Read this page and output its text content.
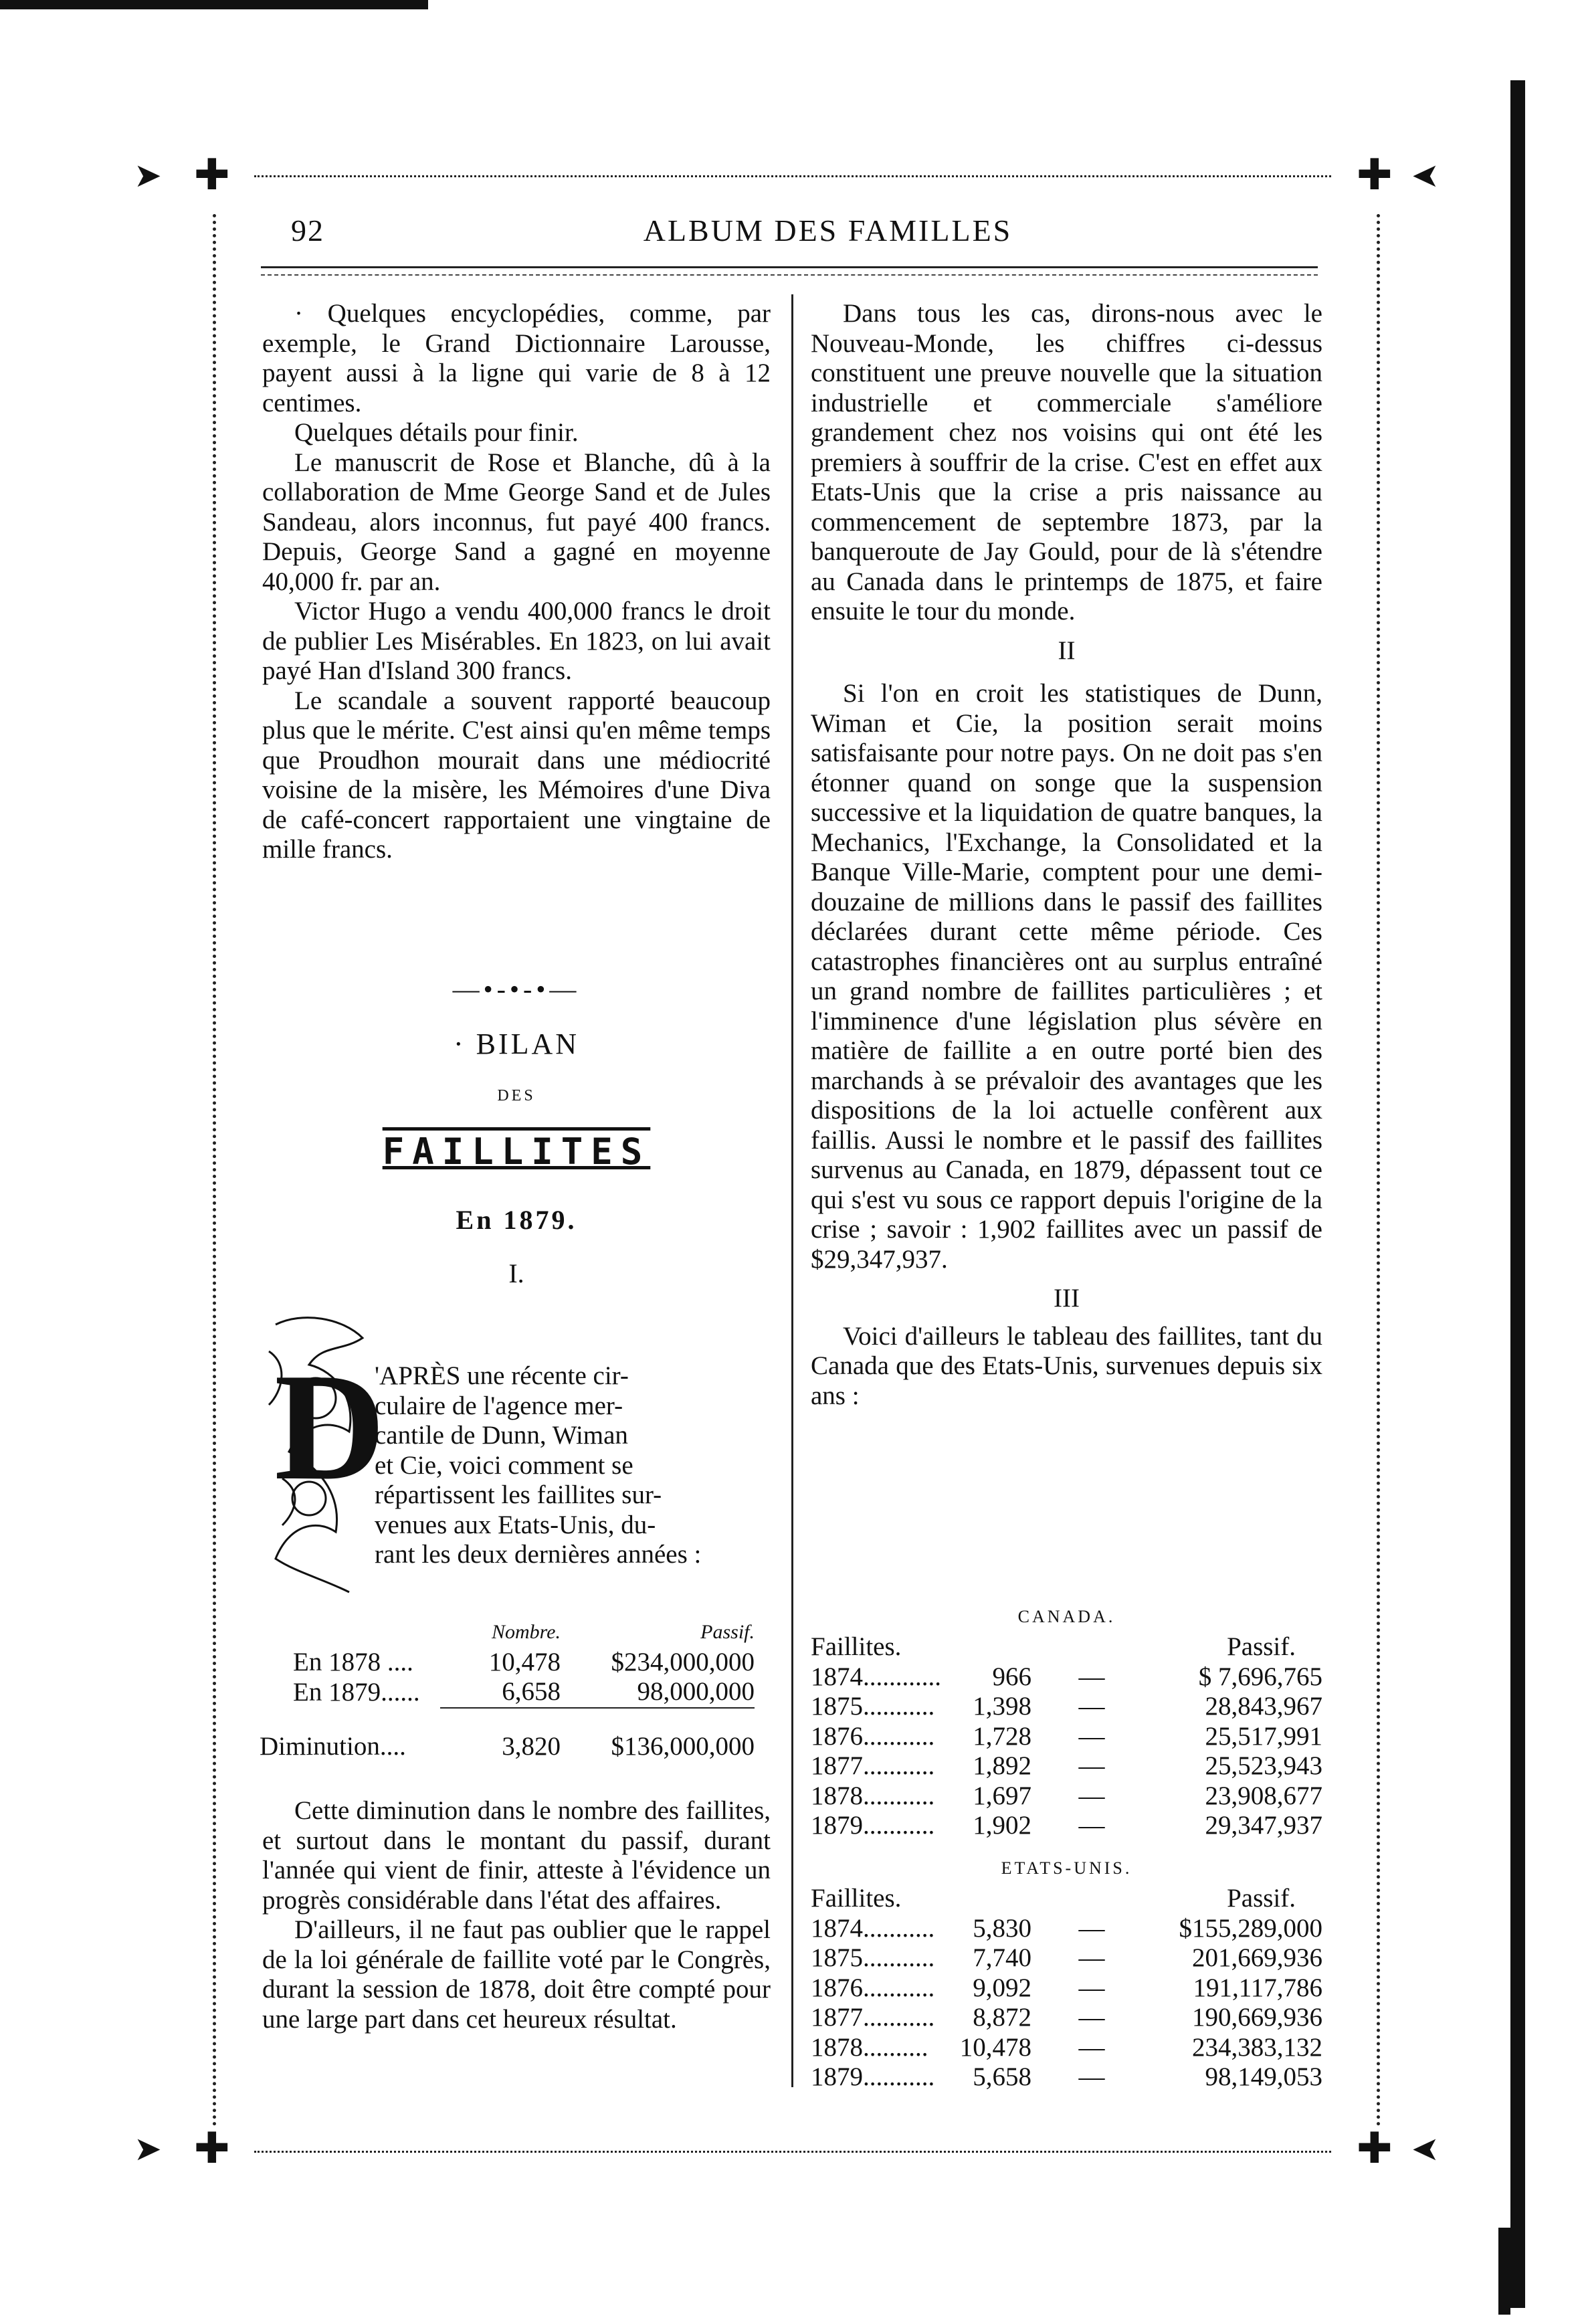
✚	✚
✚	✚
➤	➤
➤	➤
92	ALBUM DES FAMILLES

· Quelques encyclopédies, comme, par exemple, le Grand Dictionnaire Larousse, payent aussi à la ligne qui varie de 8 à 12 centimes.

Quelques détails pour finir.

Le manuscrit de Rose et Blanche, dû à la collaboration de Mme George Sand et de Jules Sandeau, alors inconnus, fut payé 400 francs. Depuis, George Sand a gagné en moyenne 40,000 fr. par an.

Victor Hugo a vendu 400,000 francs le droit de publier Les Misérables. En 1823, on lui avait payé Han d'Island 300 francs.

Le scandale a souvent rapporté beaucoup plus que le mérite. C'est ainsi qu'en même temps que Proudhon mourait dans une médiocrité voisine de la misère, les Mémoires d'une Diva de café-concert rapportaient une vingtaine de mille francs.

—•-•-•—
· BILAN
DES
FAILLITES
En 1879.
I.
D
'APRÈS une récente cir-
culaire de l'agence mer-
cantile de Dunn, Wiman
et Cie, voici comment se
répartissent les faillites sur-
venues aux Etats-Unis, du-
rant les deux dernières années :
	Nombre.	Passif.
En 1878 ....	10,478	$234,000,000
En 1879......	6,658	98,000,000

Diminution....	3,820	$136,000,000

Cette diminution dans le nombre des faillites, et surtout dans le montant du passif, durant l'année qui vient de finir, atteste à l'évidence un progrès considérable dans l'état des affaires.

D'ailleurs, il ne faut pas oublier que le rappel de la loi générale de faillite voté par le Congrès, durant la session de 1878, doit être compté pour une large part dans cet heureux résultat.

Dans tous les cas, dirons-nous avec le Nouveau-Monde, les chiffres ci-dessus constituent une preuve nouvelle que la situation industrielle et commerciale s'améliore grandement chez nos voisins qui ont été les premiers à souffrir de la crise. C'est en effet aux Etats-Unis que la crise a pris naissance au commencement de septembre 1873, par la banqueroute de Jay Gould, pour de là s'étendre au Canada dans le printemps de 1875, et faire ensuite le tour du monde.

II

Si l'on en croit les statistiques de Dunn, Wiman et Cie, la position serait moins satisfaisante pour notre pays. On ne doit pas s'en étonner quand on songe que la suspension successive et la liquidation de quatre banques, la Mechanics, l'Exchange, la Consolidated et la Banque Ville-Marie, comptent pour une demi-douzaine de millions dans le passif des faillites déclarées durant cette même période. Ces catastrophes financières ont au surplus entraîné un grand nombre de faillites particulières ; et l'imminence d'une législation plus sévère en matière de faillite a en outre porté bien des marchands à se prévaloir des avantages que les dispositions de la loi actuelle confèrent aux faillis. Aussi le nombre et le passif des faillites survenus au Canada, en 1879, dépassent tout ce qui s'est vu sous ce rapport depuis l'origine de la crise ; savoir : 1,902 faillites avec un passif de $29,347,937.

III

Voici d'ailleurs le tableau des faillites, tant du Canada que des Etats-Unis, survenues depuis six ans :

CANADA.
Faillites.			Passif.
1874............	966	—	$ 7,696,765
1875...........	1,398	—	28,843,967
1876...........	1,728	—	25,517,991
1877...........	1,892	—	25,523,943
1878...........	1,697	—	23,908,677
1879...........	1,902	—	29,347,937
ETATS-UNIS.
Faillites.			Passif.
1874...........	5,830	—	$155,289,000
1875...........	7,740	—	201,669,936
1876...........	9,092	—	191,117,786
1877...........	8,872	—	190,669,936
1878..........	10,478	—	234,383,132
1879...........	5,658	—	98,149,053
